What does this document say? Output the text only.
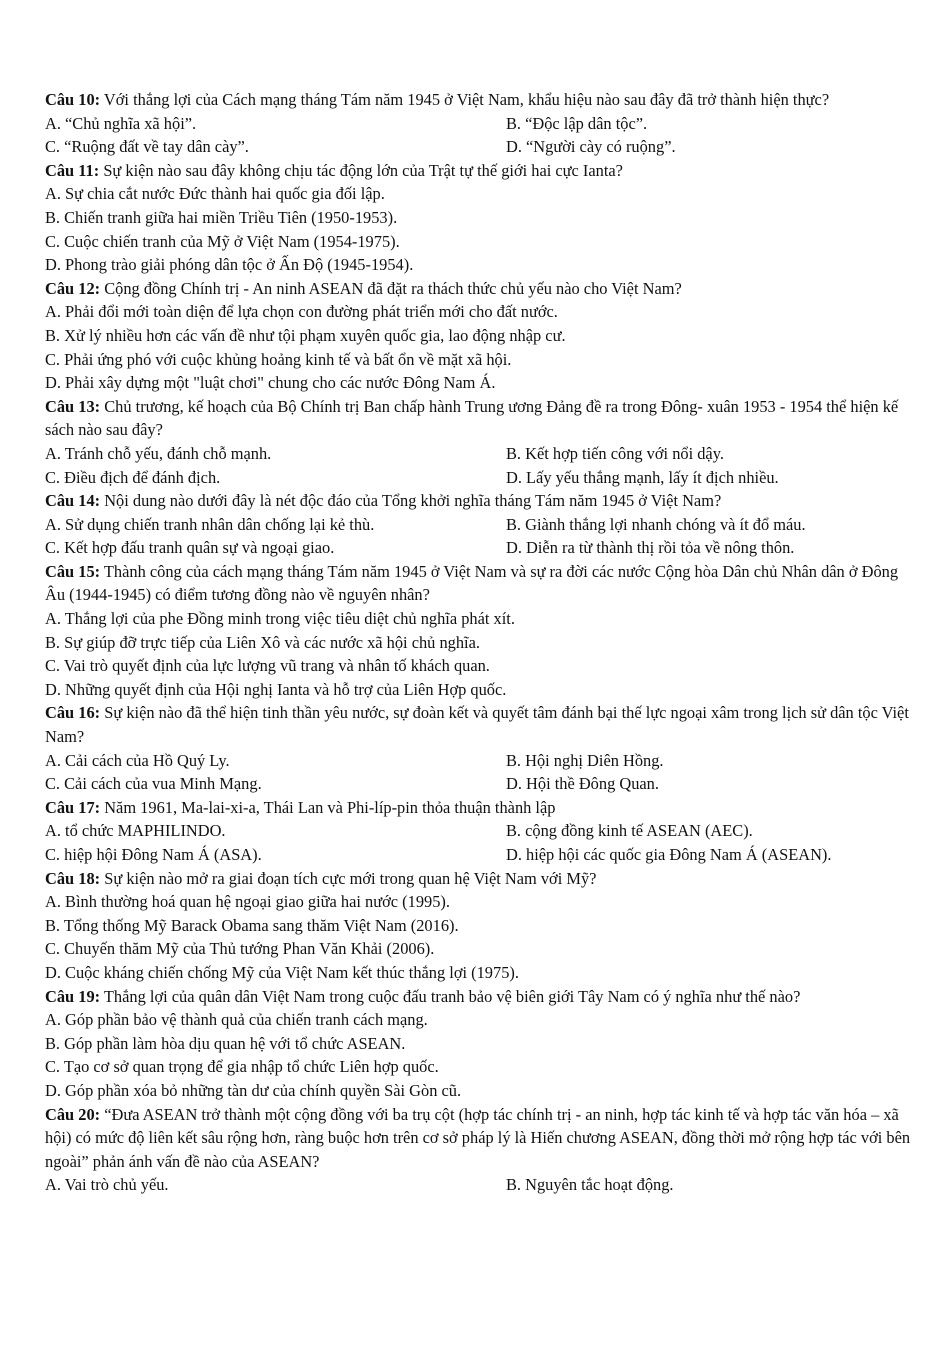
Câu 10: Với thắng lợi của Cách mạng tháng Tám năm 1945 ở Việt Nam, khẩu hiệu nào sau đây đã trở thành hiện thực?

A. “Chủ nghĩa xã hội”.	B. “Độc lập dân tộc”.

C. “Ruộng đất về tay dân cày”.	D. “Người cày có ruộng”.

Câu 11: Sự kiện nào sau đây không chịu tác động lớn của Trật tự thế giới hai cực Ianta?

A. Sự chia cắt nước Đức thành hai quốc gia đối lập.

B. Chiến tranh giữa hai miền Triều Tiên (1950-1953).

C. Cuộc chiến tranh của Mỹ ở Việt Nam (1954-1975).

D. Phong trào giải phóng dân tộc ở Ấn Độ (1945-1954).

Câu 12: Cộng đồng Chính trị - An ninh ASEAN đã đặt ra thách thức chủ yếu nào cho Việt Nam?

A. Phải đổi mới toàn diện để lựa chọn con đường phát triển mới cho đất nước.

B. Xử lý nhiều hơn các vấn đề như tội phạm xuyên quốc gia, lao động nhập cư.

C. Phải ứng phó với cuộc khủng hoảng kinh tế và bất ổn về mặt xã hội.

D. Phải xây dựng một "luật chơi" chung cho các nước Đông Nam Á.

Câu 13: Chủ trương, kế hoạch của Bộ Chính trị Ban chấp hành Trung ương Đảng đề ra trong Đông- xuân 1953 - 1954 thể hiện kế sách nào sau đây?

A. Tránh chỗ yếu, đánh chỗ mạnh.	B. Kết hợp tiến công với nổi dậy.

C. Điều địch để đánh địch.	D. Lấy yếu thắng mạnh, lấy ít địch nhiều.

Câu 14: Nội dung nào dưới đây là nét độc đáo của Tổng khởi nghĩa tháng Tám năm 1945 ở Việt Nam?

A. Sử dụng chiến tranh nhân dân chống lại kẻ thù.	B. Giành thắng lợi nhanh chóng và ít đổ máu.

C. Kết hợp đấu tranh quân sự và ngoại giao.	D. Diễn ra từ thành thị rồi tỏa về nông thôn.

Câu 15: Thành công của cách mạng tháng Tám năm 1945 ở Việt Nam và sự ra đời các nước Cộng hòa Dân chủ Nhân dân ở Đông Âu (1944-1945) có điểm tương đồng nào về nguyên nhân?

A. Thắng lợi của phe Đồng minh trong việc tiêu diệt chủ nghĩa phát xít.

B. Sự giúp đỡ trực tiếp của Liên Xô và các nước xã hội chủ nghĩa.

C. Vai trò quyết định của lực lượng vũ trang và nhân tố khách quan.

D. Những quyết định của Hội nghị Ianta và hỗ trợ của Liên Hợp quốc.

Câu 16: Sự kiện nào đã thể hiện tinh thần yêu nước, sự đoàn kết và quyết tâm đánh bại thế lực ngoại xâm trong lịch sử dân tộc Việt Nam?

A. Cải cách của Hồ Quý Ly.	B. Hội nghị Diên Hồng.

C. Cải cách của vua Minh Mạng.	D. Hội thề Đông Quan.

Câu 17: Năm 1961, Ma-lai-xi-a, Thái Lan và Phi-líp-pin thỏa thuận thành lập

A. tổ chức MAPHILINDO.	B. cộng đồng kinh tế ASEAN (AEC).

C. hiệp hội Đông Nam Á (ASA).	D. hiệp hội các quốc gia Đông Nam Á (ASEAN).

Câu 18: Sự kiện nào mở ra giai đoạn tích cực mới trong quan hệ Việt Nam với Mỹ?

A. Bình thường hoá quan hệ ngoại giao giữa hai nước (1995).

B. Tổng thống Mỹ Barack Obama sang thăm Việt Nam (2016).

C. Chuyến thăm Mỹ của Thủ tướng Phan Văn Khải (2006).

D. Cuộc kháng chiến chống Mỹ của Việt Nam kết thúc thắng lợi (1975).

Câu 19: Thắng lợi của quân dân Việt Nam trong cuộc đấu tranh bảo vệ biên giới Tây Nam có ý nghĩa như thế nào?

A. Góp phần bảo vệ thành quả của chiến tranh cách mạng.

B. Góp phần làm hòa dịu quan hệ với tổ chức ASEAN.

C. Tạo cơ sở quan trọng để gia nhập tổ chức Liên hợp quốc.

D. Góp phần xóa bỏ những tàn dư của chính quyền Sài Gòn cũ.

Câu 20: “Đưa ASEAN trở thành một cộng đồng với ba trụ cột (hợp tác chính trị - an ninh, hợp tác kinh tế và hợp tác văn hóa – xã hội) có mức độ liên kết sâu rộng hơn, ràng buộc hơn trên cơ sở pháp lý là Hiến chương ASEAN, đồng thời mở rộng hợp tác với bên ngoài” phản ánh vấn đề nào của ASEAN?

A. Vai trò chủ yếu.	B. Nguyên tắc hoạt động.
